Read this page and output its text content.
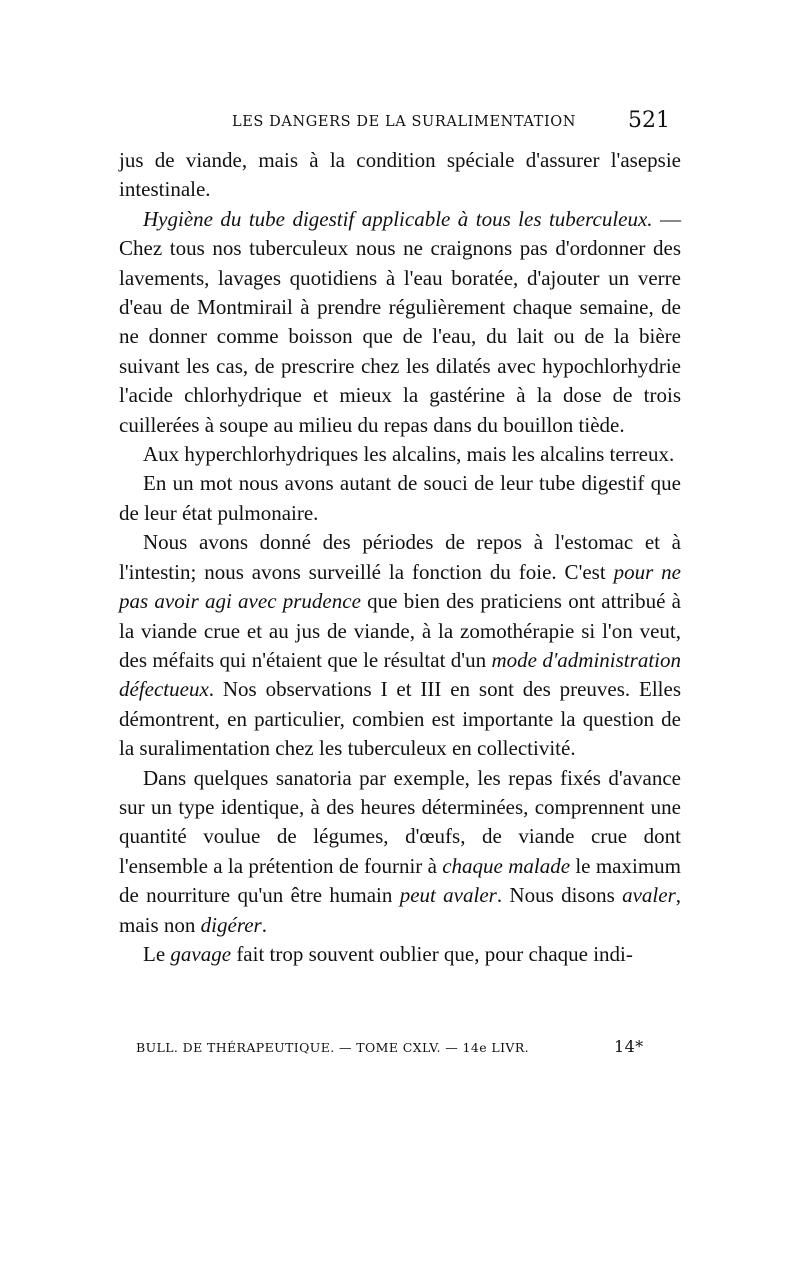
LES DANGERS DE LA SURALIMENTATION 521

jus de viande, mais à la condition spéciale d'assurer l'asepsie intestinale.

Hygiène du tube digestif applicable à tous les tuberculeux. — Chez tous nos tuberculeux nous ne craignons pas d'ordonner des lavements, lavages quotidiens à l'eau boratée, d'ajouter un verre d'eau de Montmirail à prendre régulièrement chaque semaine, de ne donner comme boisson que de l'eau, du lait ou de la bière suivant les cas, de prescrire chez les dilatés avec hypochlorhydrie l'acide chlorhydrique et mieux la gastérine à la dose de trois cuillerées à soupe au milieu du repas dans du bouillon tiède.

Aux hyperchlorhydriques les alcalins, mais les alcalins terreux.

En un mot nous avons autant de souci de leur tube digestif que de leur état pulmonaire.

Nous avons donné des périodes de repos à l'estomac et à l'intestin; nous avons surveillé la fonction du foie. C'est pour ne pas avoir agi avec prudence que bien des praticiens ont attribué à la viande crue et au jus de viande, à la zomothérapie si l'on veut, des méfaits qui n'étaient que le résultat d'un mode d'administration défectueux. Nos observations I et III en sont des preuves. Elles démontrent, en particulier, combien est importante la question de la suralimentation chez les tuberculeux en collectivité.

Dans quelques sanatoria par exemple, les repas fixés d'avance sur un type identique, à des heures déterminées, comprennent une quantité voulue de légumes, d'œufs, de viande crue dont l'ensemble a la prétention de fournir à chaque malade le maximum de nourriture qu'un être humain peut avaler. Nous disons avaler, mais non digérer.

Le gavage fait trop souvent oublier que, pour chaque indi-

BULL. DE THÉRAPEUTIQUE. — TOME CXLV. — 14e LIVR.	14*
